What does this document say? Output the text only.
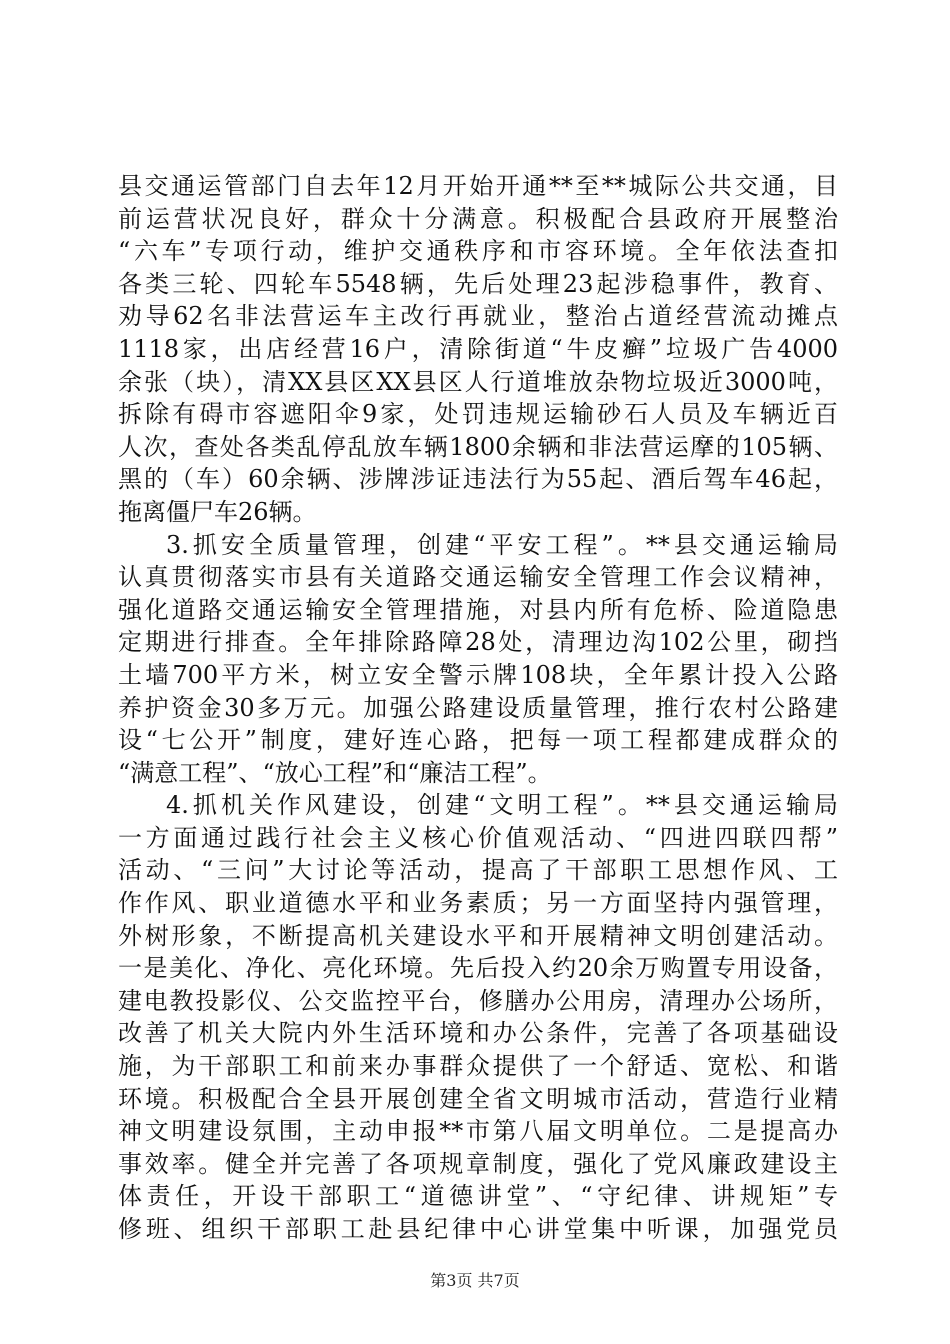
县交通运管部门自去年12月开始开通**至**城际公共交通，目
前运营状况良好，群众十分满意。积极配合县政府开展整治
“六车”专项行动，维护交通秩序和市容环境。全年依法查扣
各类三轮、四轮车5548辆，先后处理23起涉稳事件，教育、
劝导62名非法营运车主改行再就业，整治占道经营流动摊点
1118家，出店经营16户，清除街道“牛皮癣”垃圾广告4000
余张（块），清XX县区XX县区人行道堆放杂物垃圾近3000吨，
拆除有碍市容遮阳伞9家，处罚违规运输砂石人员及车辆近百
人次，查处各类乱停乱放车辆1800余辆和非法营运摩的105辆、
黑的（车）60余辆、涉牌涉证违法行为55起、酒后驾车46起，
拖离僵尸车26辆。
3.抓安全质量管理，创建“平安工程”。**县交通运输局
认真贯彻落实市县有关道路交通运输安全管理工作会议精神，
强化道路交通运输安全管理措施，对县内所有危桥、险道隐患
定期进行排查。全年排除路障28处，清理边沟102公里，砌挡
土墙700平方米，树立安全警示牌108块，全年累计投入公路
养护资金30多万元。加强公路建设质量管理，推行农村公路建
设“七公开”制度，建好连心路，把每一项工程都建成群众的
“满意工程”、“放心工程”和“廉洁工程”。
4.抓机关作风建设，创建“文明工程”。**县交通运输局
一方面通过践行社会主义核心价值观活动、“四进四联四帮”
活动、“三问”大讨论等活动，提高了干部职工思想作风、工
作作风、职业道德水平和业务素质；另一方面坚持内强管理，
外树形象，不断提高机关建设水平和开展精神文明创建活动。
一是美化、净化、亮化环境。先后投入约20余万购置专用设备，
建电教投影仪、公交监控平台，修膳办公用房，清理办公场所，
改善了机关大院内外生活环境和办公条件，完善了各项基础设
施，为干部职工和前来办事群众提供了一个舒适、宽松、和谐
环境。积极配合全县开展创建全省文明城市活动，营造行业精
神文明建设氛围，主动申报**市第八届文明单位。二是提高办
事效率。健全并完善了各项规章制度，强化了党风廉政建设主
体责任，开设干部职工“道德讲堂”、“守纪律、讲规矩”专
修班、组织干部职工赴县纪律中心讲堂集中听课，加强党员
第3页 共7页
